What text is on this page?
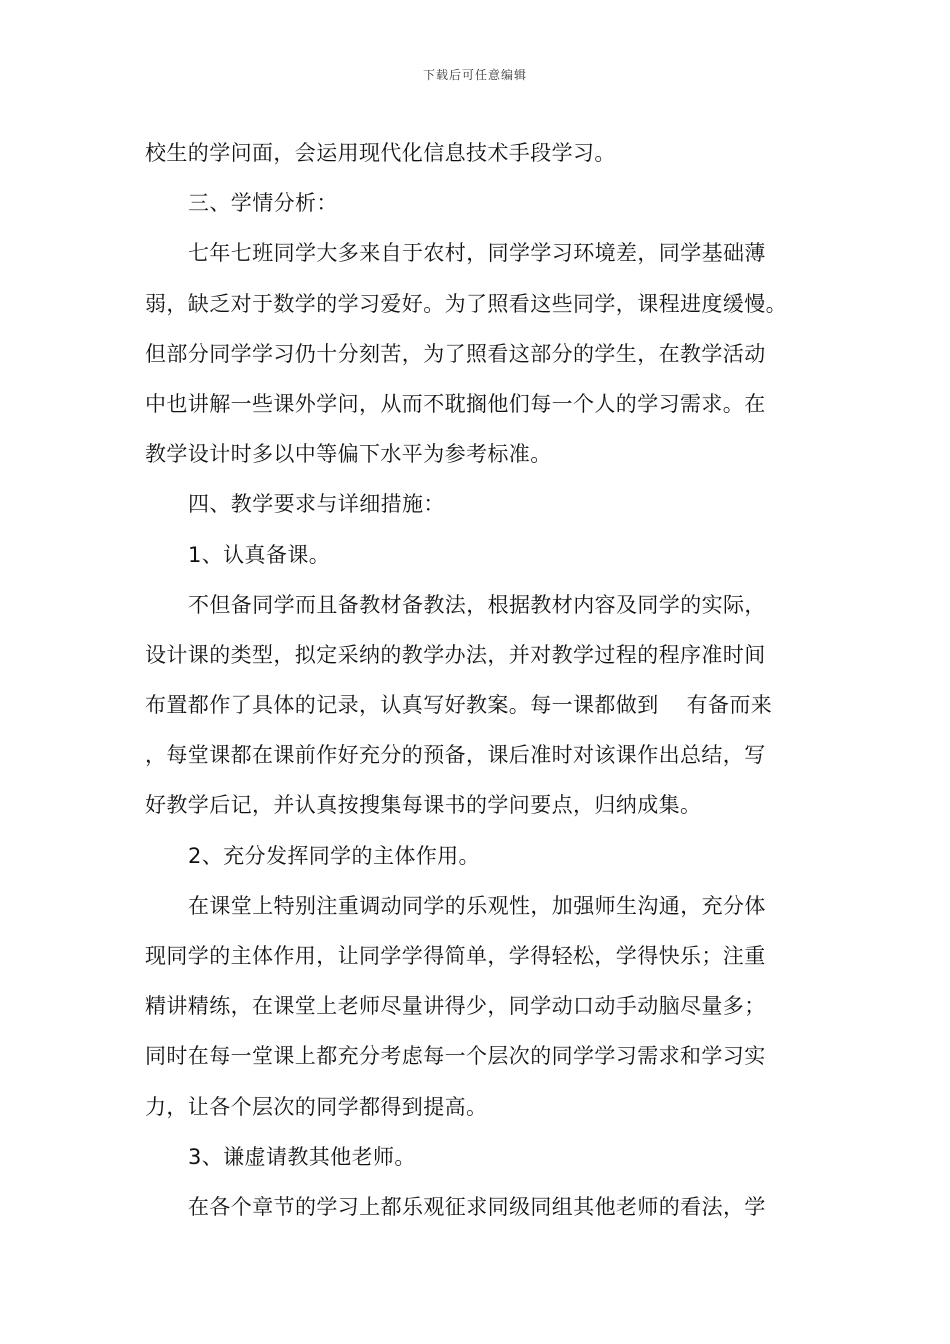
下载后可任意编辑
校生的学问面，会运用现代化信息技术手段学习。
三、学情分析：
七年七班同学大多来自于农村，同学学习环境差，同学基础薄
弱，缺乏对于数学的学习爱好。为了照看这些同学，课程进度缓慢。
但部分同学学习仍十分刻苦，为了照看这部分的学生，在教学活动
中也讲解一些课外学问，从而不耽搁他们每一个人的学习需求。在
教学设计时多以中等偏下水平为参考标准。
四、教学要求与详细措施：
1、认真备课。
不但备同学而且备教材备教法，根据教材内容及同学的实际，
设计课的类型，拟定采纳的教学办法，并对教学过程的程序准时间
布置都作了具体的记录，认真写好教案。每一课都做到 有备而来
，每堂课都在课前作好充分的预备，课后准时对该课作出总结，写
好教学后记，并认真按搜集每课书的学问要点，归纳成集。
2、充分发挥同学的主体作用。
在课堂上特别注重调动同学的乐观性，加强师生沟通，充分体
现同学的主体作用，让同学学得简单，学得轻松，学得快乐；注重
精讲精练，在课堂上老师尽量讲得少，同学动口动手动脑尽量多；
同时在每一堂课上都充分考虑每一个层次的同学学习需求和学习实
力，让各个层次的同学都得到提高。
3、谦虚请教其他老师。
在各个章节的学习上都乐观征求同级同组其他老师的看法，学
